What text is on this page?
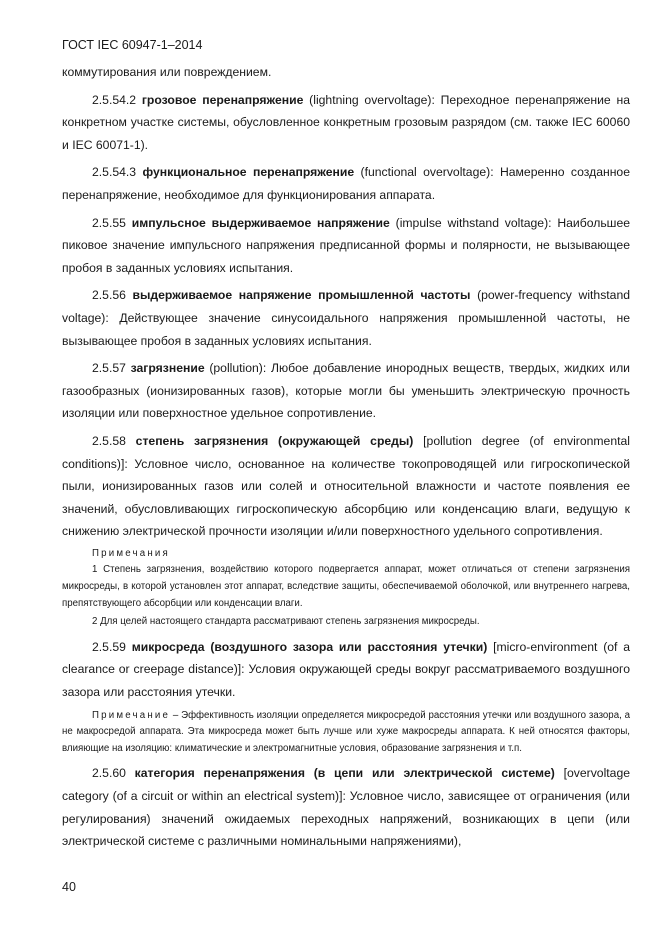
ГОСТ IEC 60947-1–2014

коммутирования или повреждением.

2.5.54.2 грозовое перенапряжение (lightning overvoltage): Переходное перенапряжение на конкретном участке системы, обусловленное конкретным грозовым разрядом (см. также IEC 60060 и IEC 60071-1).

2.5.54.3 функциональное перенапряжение (functional overvoltage): Намеренно созданное перенапряжение, необходимое для функционирования аппарата.

2.5.55 импульсное выдерживаемое напряжение (impulse withstand voltage): Наибольшее пиковое значение импульсного напряжения предписанной формы и полярности, не вызывающее пробоя в заданных условиях испытания.

2.5.56 выдерживаемое напряжение промышленной частоты (power-frequency withstand voltage): Действующее значение синусоидального напряжения промышленной частоты, не вызывающее пробоя в заданных условиях испытания.

2.5.57 загрязнение (pollution): Любое добавление инородных веществ, твердых, жидких или газообразных (ионизированных газов), которые могли бы уменьшить электрическую прочность изоляции или поверхностное удельное сопротивление.

2.5.58 степень загрязнения (окружающей среды) [pollution degree (of environmental conditions)]: Условное число, основанное на количестве токопроводящей или гигроскопической пыли, ионизированных газов или солей и относительной влажности и частоте появления ее значений, обусловливающих гигроскопическую абсорбцию или конденсацию влаги, ведущую к снижению электрической прочности изоляции и/или поверхностного удельного сопротивления.

Примечания

1 Степень загрязнения, воздействию которого подвергается аппарат, может отличаться от степени загрязнения микросреды, в которой установлен этот аппарат, вследствие защиты, обеспечиваемой оболочкой, или внутреннего нагрева, препятствующего абсорбции или конденсации влаги.

2 Для целей настоящего стандарта рассматривают степень загрязнения микросреды.

2.5.59 микросреда (воздушного зазора или расстояния утечки) [micro-environment (of a clearance or creepage distance)]: Условия окружающей среды вокруг рассматриваемого воздушного зазора или расстояния утечки.

Примечание – Эффективность изоляции определяется микросредой расстояния утечки или воздушного зазора, а не макросредой аппарата. Эта микросреда может быть лучше или хуже макросреды аппарата. К ней относятся факторы, влияющие на изоляцию: климатические и электромагнитные условия, образование загрязнения и т.п.

2.5.60 категория перенапряжения (в цепи или электрической системе) [overvoltage category (of a circuit or within an electrical system)]: Условное число, зависящее от ограничения (или регулирования) значений ожидаемых переходных напряжений, возникающих в цепи (или электрической системе с различными номинальными напряжениями),

40
